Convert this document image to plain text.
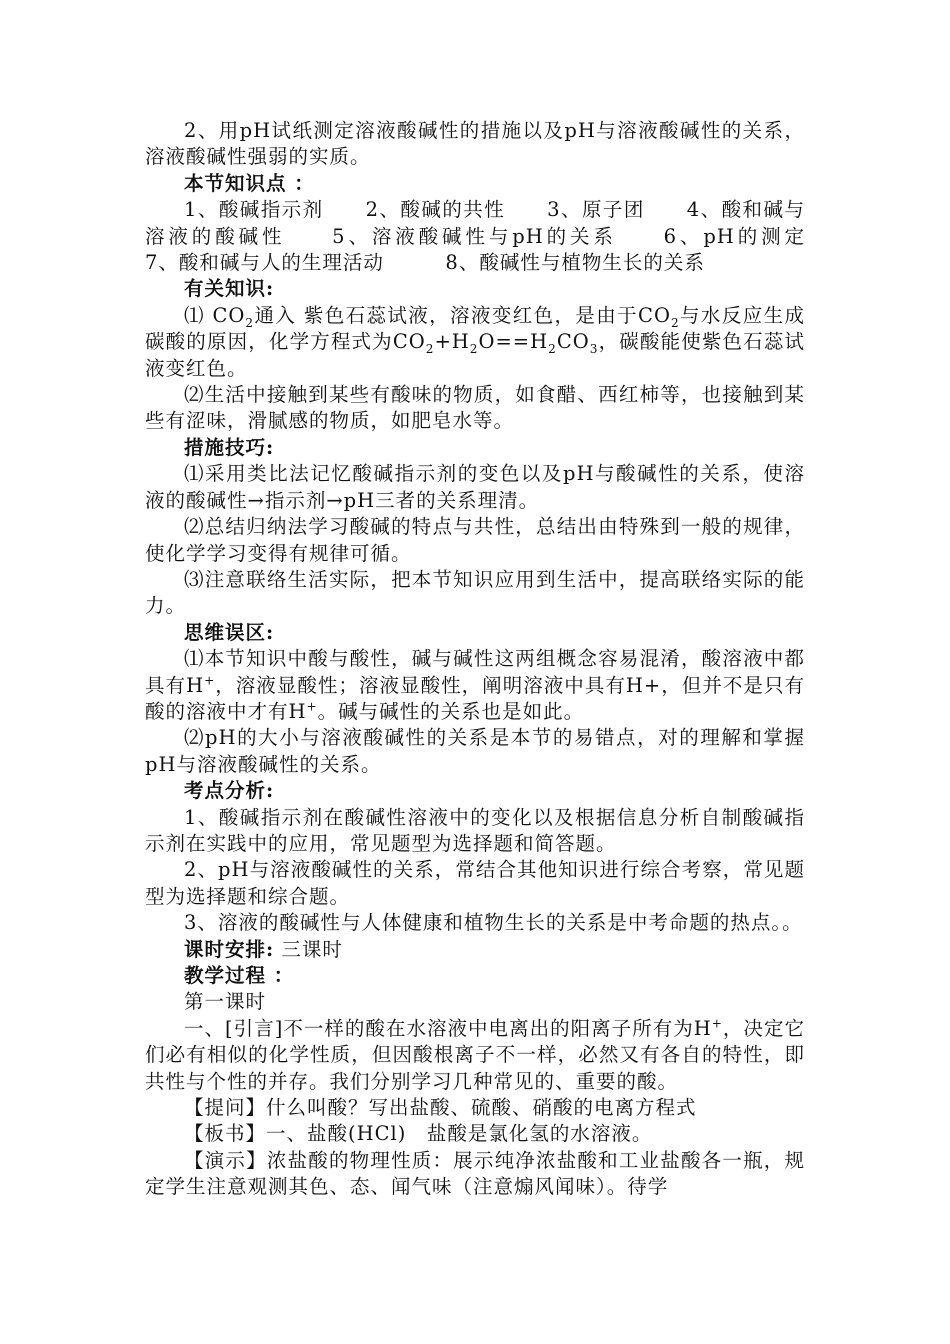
2、用pH试纸测定溶液酸碱性的措施以及pH与溶液酸碱性的关系，溶液酸碱性强弱的实质。

本节知识点 ：

1、酸碱指示剂　　2、酸碱的共性　　3、原子团　　4、酸和碱与溶液的酸碱性　　5、溶液酸碱性与pH的关系　　6、pH的测定　　　7、酸和碱与人的生理活动　　　8、酸碱性与植物生长的关系

有关知识:

⑴ $CO_2$通入 紫色石蕊试液，溶液变红色，是由于$CO_2$与水反应生成碳酸的原因，化学方程式为$CO_2+H_2O==H_2CO_3$，碳酸能使紫色石蕊试液变红色。

⑵生活中接触到某些有酸味的物质，如食醋、西红柿等，也接触到某些有涩味，滑腻感的物质，如肥皂水等。

措施技巧:

⑴采用类比法记忆酸碱指示剂的变色以及pH与酸碱性的关系，使溶液的酸碱性→指示剂→pH三者的关系理清。

⑵总结归纳法学习酸碱的特点与共性，总结出由特殊到一般的规律，使化学学习变得有规律可循。

⑶注意联络生活实际，把本节知识应用到生活中，提高联络实际的能力。

思维误区:

⑴本节知识中酸与酸性，碱与碱性这两组概念容易混淆，酸溶液中都具有H+，溶液显酸性；溶液显酸性，阐明溶液中具有H+，但并不是只有酸的溶液中才有H+。碱与碱性的关系也是如此。

⑵pH的大小与溶液酸碱性的关系是本节的易错点，对的理解和掌握pH与溶液酸碱性的关系。

考点分析:

1、酸碱指示剂在酸碱性溶液中的变化以及根据信息分析自制酸碱指示剂在实践中的应用，常见题型为选择题和简答题。

2、pH与溶液酸碱性的关系，常结合其他知识进行综合考察，常见题型为选择题和综合题。

3、溶液的酸碱性与人体健康和植物生长的关系是中考命题的热点。。

课时安排: 三课时

教学过程 ：

第一课时

一、[引言]不一样的酸在水溶液中电离出的阳离子所有为H+，决定它们必有相似的化学性质，但因酸根离子不一样，必然又有各自的特性，即共性与个性的并存。我们分别学习几种常见的、重要的酸。

【提问】什么叫酸？写出盐酸、硫酸、硝酸的电离方程式

【板书】一、盐酸(HCl)　盐酸是氯化氢的水溶液。

【演示】浓盐酸的物理性质：展示纯净浓盐酸和工业盐酸各一瓶，规定学生注意观测其色、态、闻气味（注意煽风闻味）。待学
